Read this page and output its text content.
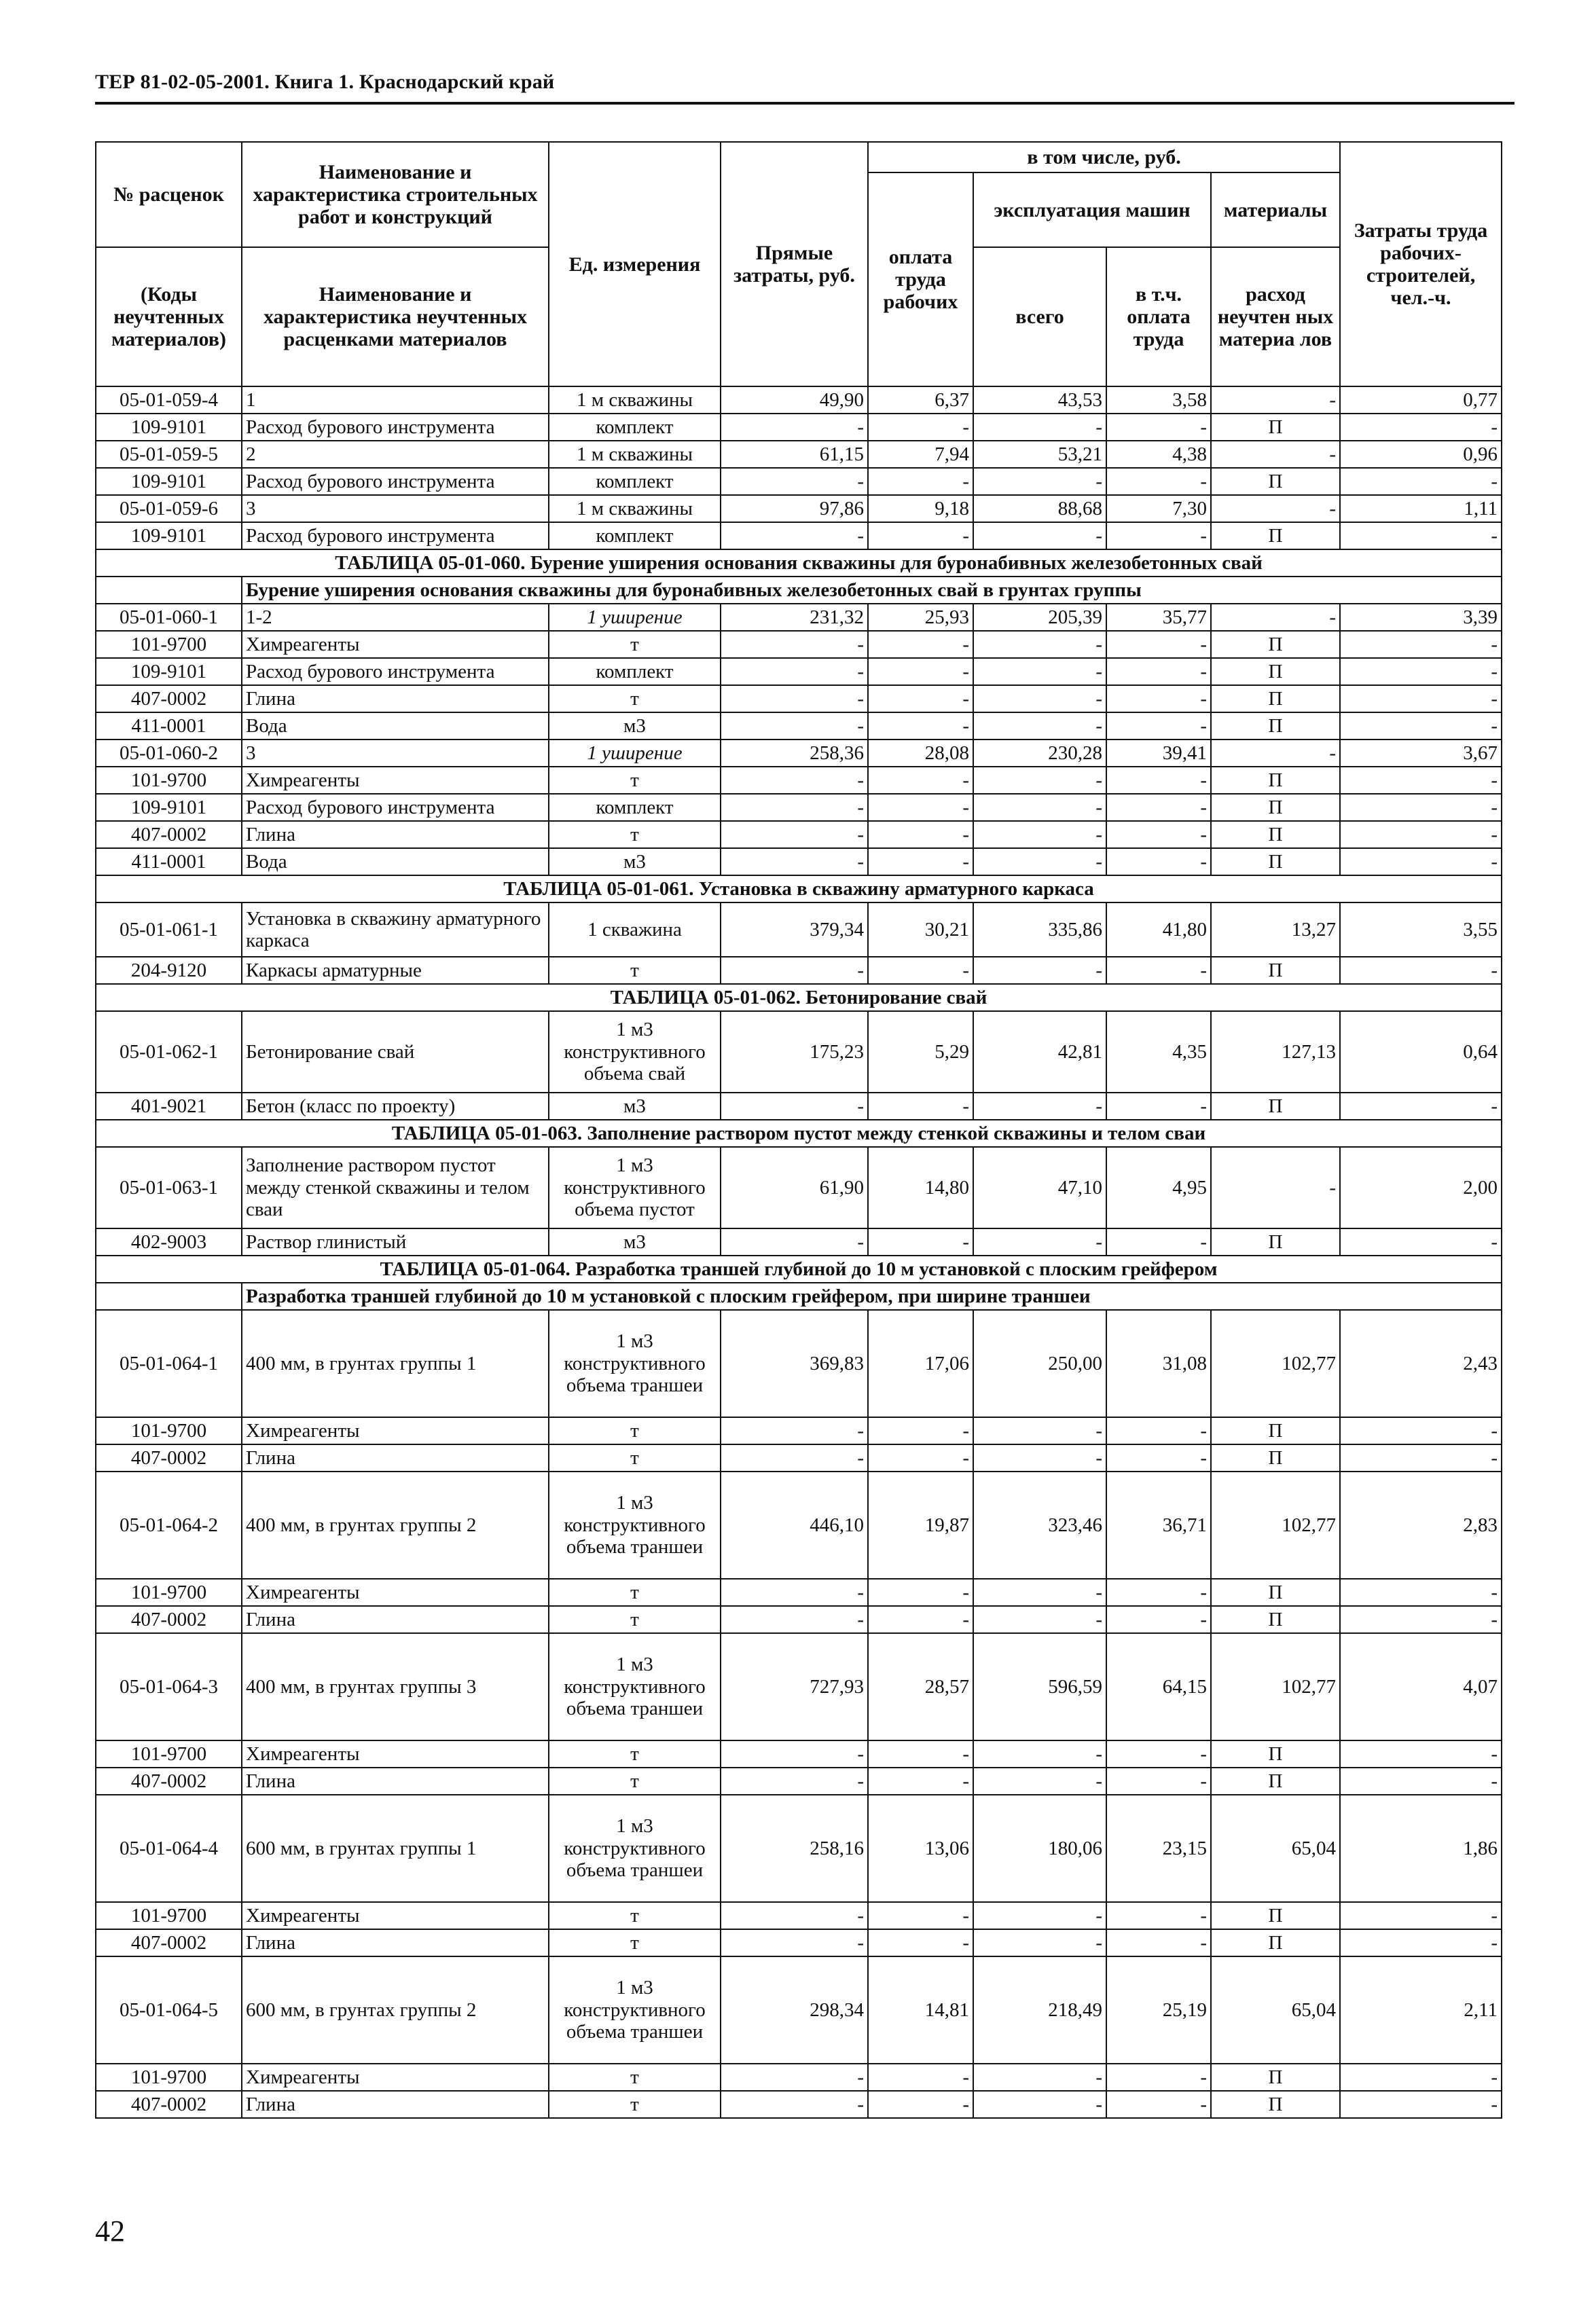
ТЕР 81-02-05-2001. Книга 1. Краснодарский край
№ расценок	Наименование и характеристика строительных работ и конструкций	Ед. измерения	Прямые затраты, руб.	в том числе, руб.				Затраты труда рабочих-строителей, чел.-ч.
				оплата труда рабочих	эксплуатация машин		материалы	
(Коды неучтенных материалов)	Наименование и характеристика неучтенных расценками материалов				всего	в т.ч. оплата труда	расход неучтен ных материа лов	

05-01-059-4	1	1 м скважины	49,90	6,37	43,53	3,58	-	0,77
109-9101	Расход бурового инструмента	комплект	-	-	-	-	П	-
05-01-059-5	2	1 м скважины	61,15	7,94	53,21	4,38	-	0,96
109-9101	Расход бурового инструмента	комплект	-	-	-	-	П	-
05-01-059-6	3	1 м скважины	97,86	9,18	88,68	7,30	-	1,11
109-9101	Расход бурового инструмента	комплект	-	-	-	-	П	-
ТАБЛИЦА 05-01-060. Бурение уширения основания скважины для буронабивных железобетонных свай								
	Бурение уширения основания скважины для буронабивных железобетонных свай в грунтах группы							
05-01-060-1	1-2	1 уширение	231,32	25,93	205,39	35,77	-	3,39
101-9700	Химреагенты	т	-	-	-	-	П	-
109-9101	Расход бурового инструмента	комплект	-	-	-	-	П	-
407-0002	Глина	т	-	-	-	-	П	-
411-0001	Вода	м3	-	-	-	-	П	-
05-01-060-2	3	1 уширение	258,36	28,08	230,28	39,41	-	3,67
101-9700	Химреагенты	т	-	-	-	-	П	-
109-9101	Расход бурового инструмента	комплект	-	-	-	-	П	-
407-0002	Глина	т	-	-	-	-	П	-
411-0001	Вода	м3	-	-	-	-	П	-
ТАБЛИЦА 05-01-061. Установка в скважину арматурного каркаса								
05-01-061-1	Установка в скважину арматурного каркаса	1 скважина	379,34	30,21	335,86	41,80	13,27	3,55
204-9120	Каркасы арматурные	т	-	-	-	-	П	-
ТАБЛИЦА 05-01-062. Бетонирование свай								
05-01-062-1	Бетонирование свай	1 м3 конструктивного объема свай	175,23	5,29	42,81	4,35	127,13	0,64
401-9021	Бетон (класс по проекту)	м3	-	-	-	-	П	-
ТАБЛИЦА 05-01-063. Заполнение раствором пустот между стенкой скважины и телом сваи								
05-01-063-1	Заполнение раствором пустот между стенкой скважины и телом сваи	1 м3 конструктивного объема пустот	61,90	14,80	47,10	4,95	-	2,00
402-9003	Раствор глинистый	м3	-	-	-	-	П	-
ТАБЛИЦА 05-01-064. Разработка траншей глубиной до 10 м установкой с плоским грейфером								
	Разработка траншей глубиной до 10 м установкой с плоским грейфером, при ширине траншеи							
05-01-064-1	400 мм, в грунтах группы 1	1 м3 конструктивного объема траншеи	369,83	17,06	250,00	31,08	102,77	2,43
101-9700	Химреагенты	т	-	-	-	-	П	-
407-0002	Глина	т	-	-	-	-	П	-
05-01-064-2	400 мм, в грунтах группы 2	1 м3 конструктивного объема траншеи	446,10	19,87	323,46	36,71	102,77	2,83
101-9700	Химреагенты	т	-	-	-	-	П	-
407-0002	Глина	т	-	-	-	-	П	-
05-01-064-3	400 мм, в грунтах группы 3	1 м3 конструктивного объема траншеи	727,93	28,57	596,59	64,15	102,77	4,07
101-9700	Химреагенты	т	-	-	-	-	П	-
407-0002	Глина	т	-	-	-	-	П	-
05-01-064-4	600 мм, в грунтах группы 1	1 м3 конструктивного объема траншеи	258,16	13,06	180,06	23,15	65,04	1,86
101-9700	Химреагенты	т	-	-	-	-	П	-
407-0002	Глина	т	-	-	-	-	П	-
05-01-064-5	600 мм, в грунтах группы 2	1 м3 конструктивного объема траншеи	298,34	14,81	218,49	25,19	65,04	2,11
101-9700	Химреагенты	т	-	-	-	-	П	-
407-0002	Глина	т	-	-	-	-	П	-
42
